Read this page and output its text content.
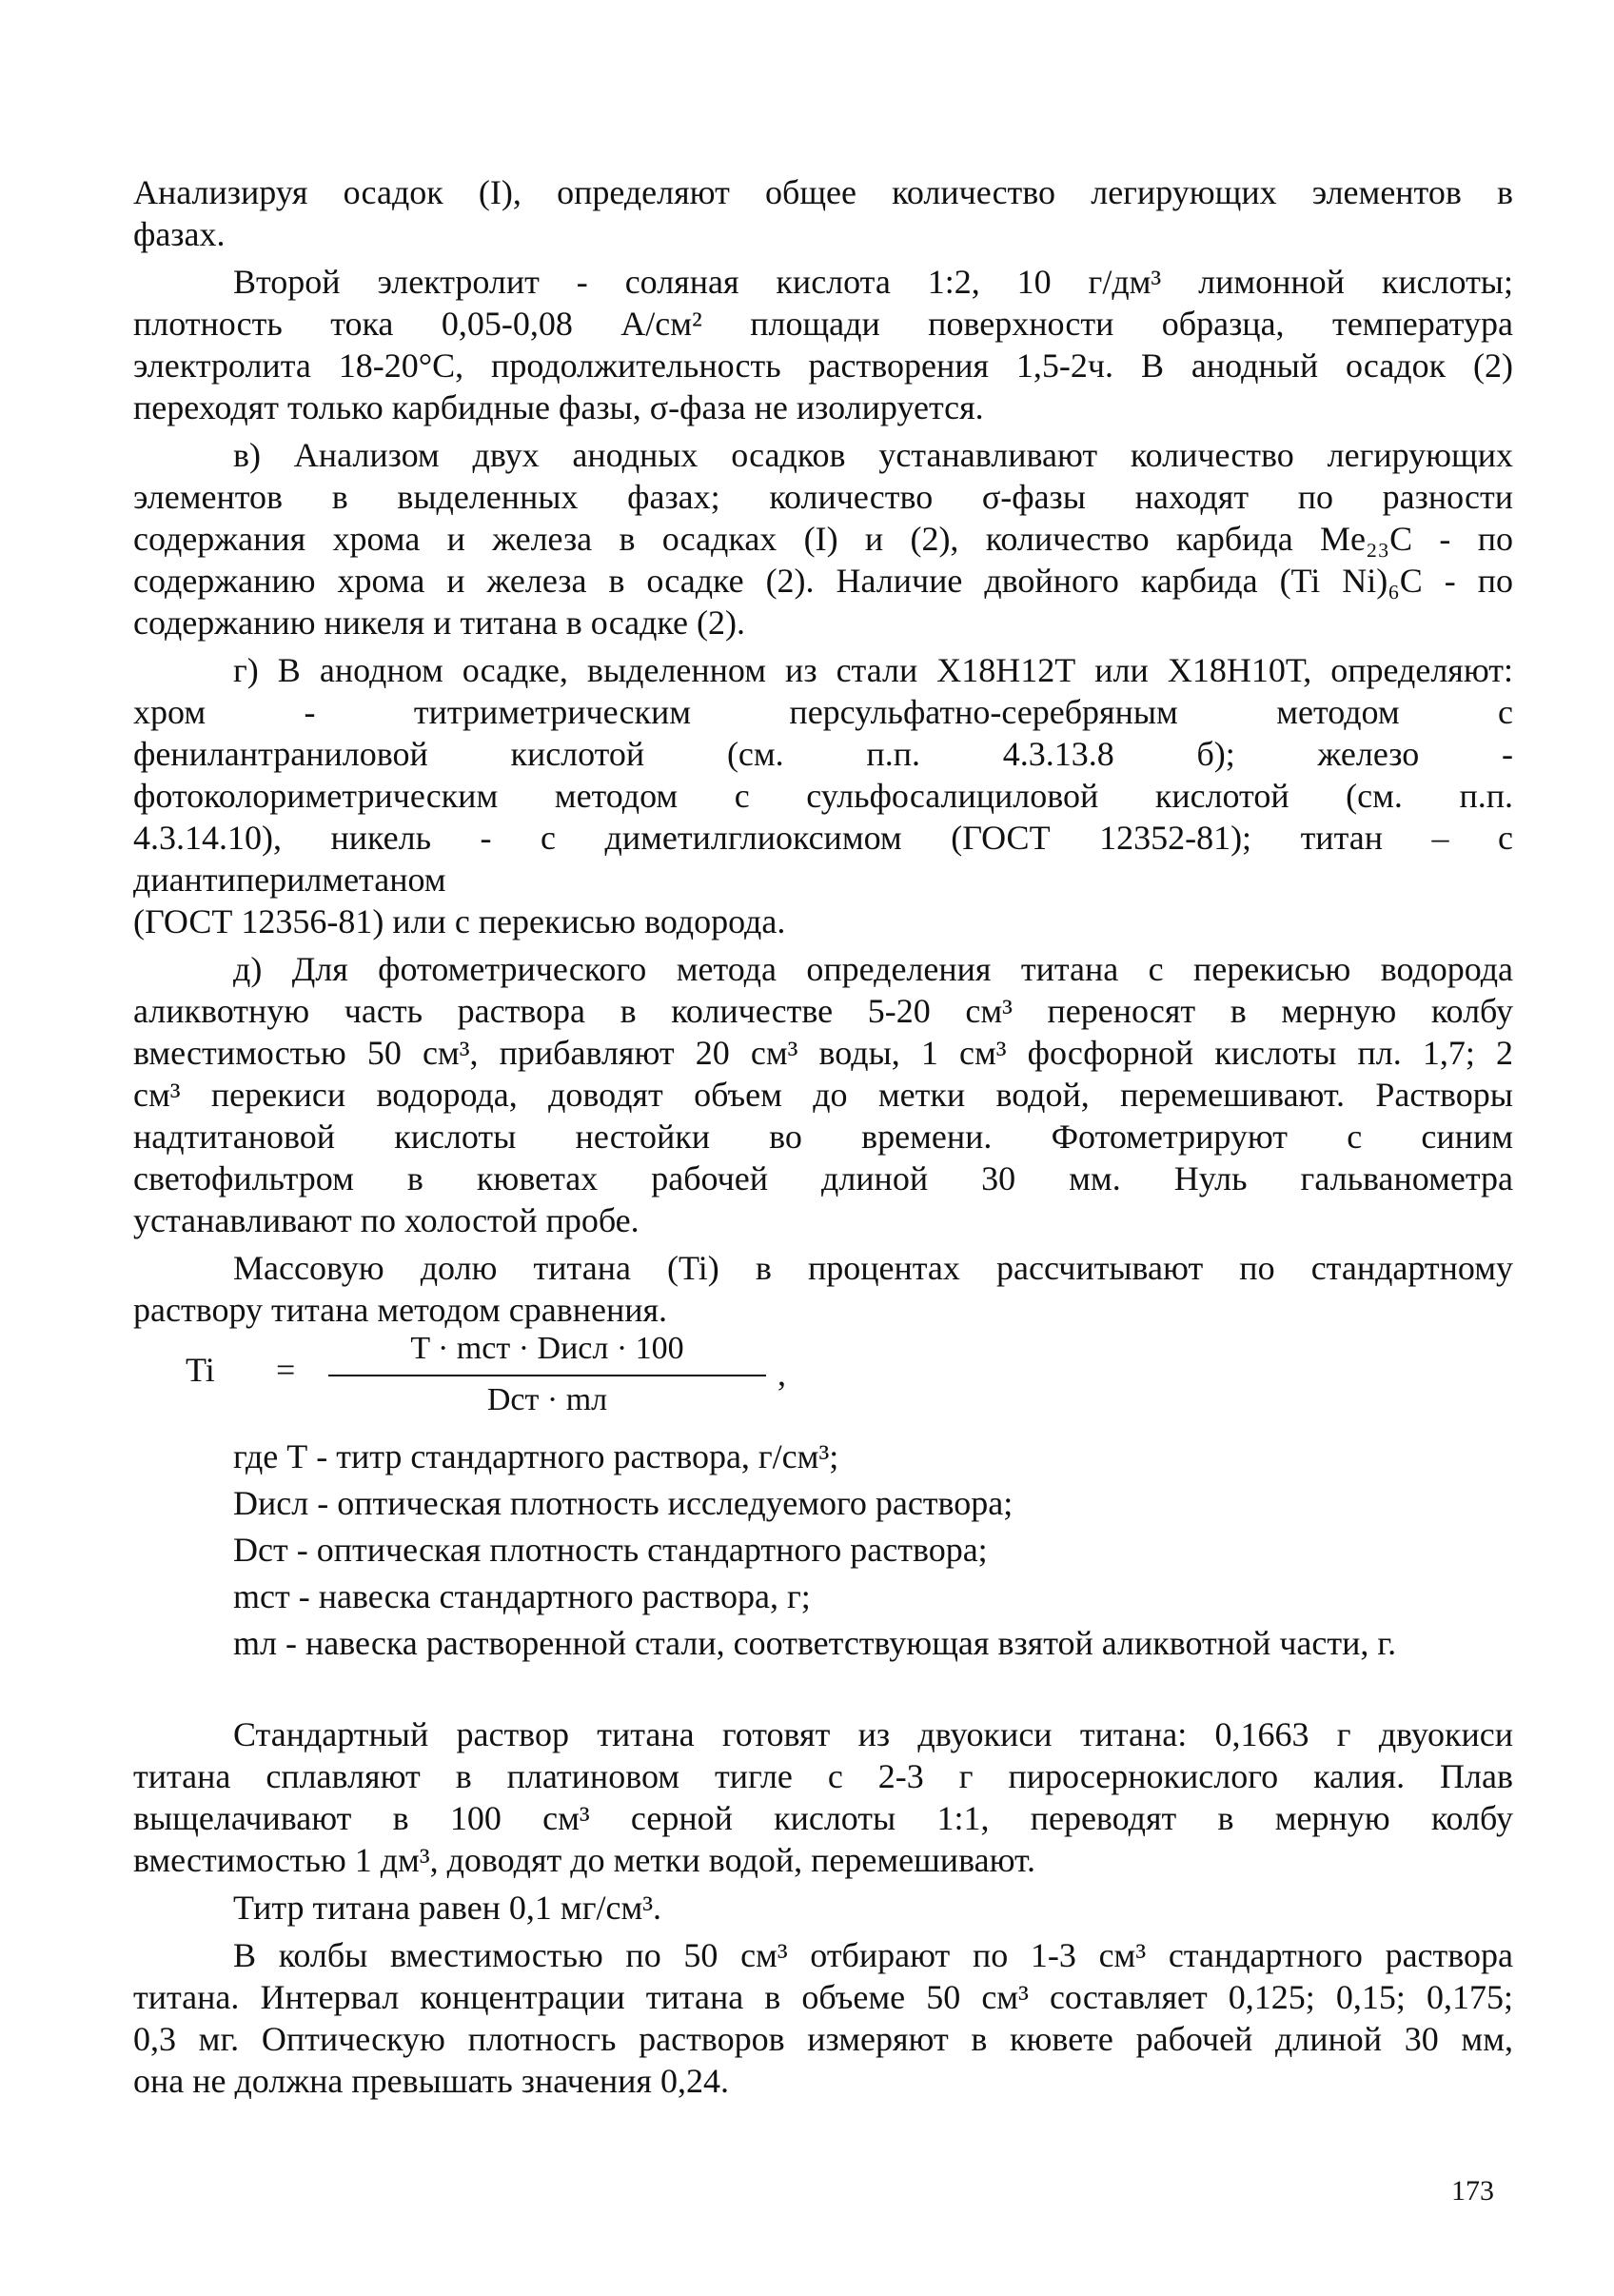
Анализируя осадок (I), определяют общее количество легирующих элементов в
фазах.
Второй электролит - соляная кислота 1:2, 10 г/дм³ лимонной кислоты;
плотность тока 0,05-0,08 А/см² площади поверхности образца, температура
электролита 18-20°С, продолжительность растворения 1,5-2ч. В анодный осадок (2)
переходят только карбидные фазы, σ-фаза не изолируется.
в) Анализом двух анодных осадков устанавливают количество легирующих
элементов в выделенных фазах; количество σ-фазы находят по разности
содержания хрома и железа в осадках (I) и (2), количество карбида Me₂₃C - по
содержанию хрома и железа в осадке (2). Наличие двойного карбида (Ti Ni)₆C - по
содержанию никеля и титана в осадке (2).
г) В анодном осадке, выделенном из стали Х18Н12Т или Х18Н10Т, определяют:
хром - титриметрическим персульфатно-серебряным методом с
фенилантраниловой кислотой (см. п.п. 4.3.13.8 б); железо -
фотоколориметрическим методом с сульфосалициловой кислотой (см. п.п.
4.3.14.10), никель - с диметилглиоксимом (ГОСТ 12352-81); титан – с
диантиперилметаном
(ГОСТ 12356-81) или с перекисью водорода.
д) Для фотометрического метода определения титана с перекисью водорода
аликвотную часть раствора в количестве 5-20 см³ переносят в мерную колбу
вместимостью 50 см³, прибавляют 20 см³ воды, 1 см³ фосфорной кислоты пл. 1,7; 2
см³ перекиси водорода, доводят объем до метки водой, перемешивают. Растворы
надтитановой кислоты нестойки во времени. Фотометрируют с синим
светофильтром в кюветах рабочей длиной 30 мм. Нуль гальванометра
устанавливают по холостой пробе.
Массовую долю титана (Ti) в процентах рассчитывают по стандартному
раствору титана методом сравнения.
где Т - титр стандартного раствора, г/см³;
Dисл - оптическая плотность исследуемого раствора;
Dст - оптическая плотность стандартного раствора;
mст - навеска стандартного раствора, г;
mл - навеска растворенной стали, соответствующая взятой аликвотной части, г.
Стандартный раствор титана готовят из двуокиси титана: 0,1663 г двуокиси
титана сплавляют в платиновом тигле с 2-3 г пиросернокислого калия. Плав
выщелачивают в 100 см³ серной кислоты 1:1, переводят в мерную колбу
вместимостью 1 дм³, доводят до метки водой, перемешивают.
Титр титана равен 0,1 мг/см³.
В колбы вместимостью по 50 см³ отбирают по 1-3 см³ стандартного раствора
титана. Интервал концентрации титана в объеме 50 см³ составляет 0,125; 0,15; 0,175;
0,3 мг. Оптическую плотносгь растворов измеряют в кювете рабочей длиной 30 мм,
она не должна превышать значения 0,24.
Ti =
T · mст · Dисл · 100
Dст · mл
,
173
